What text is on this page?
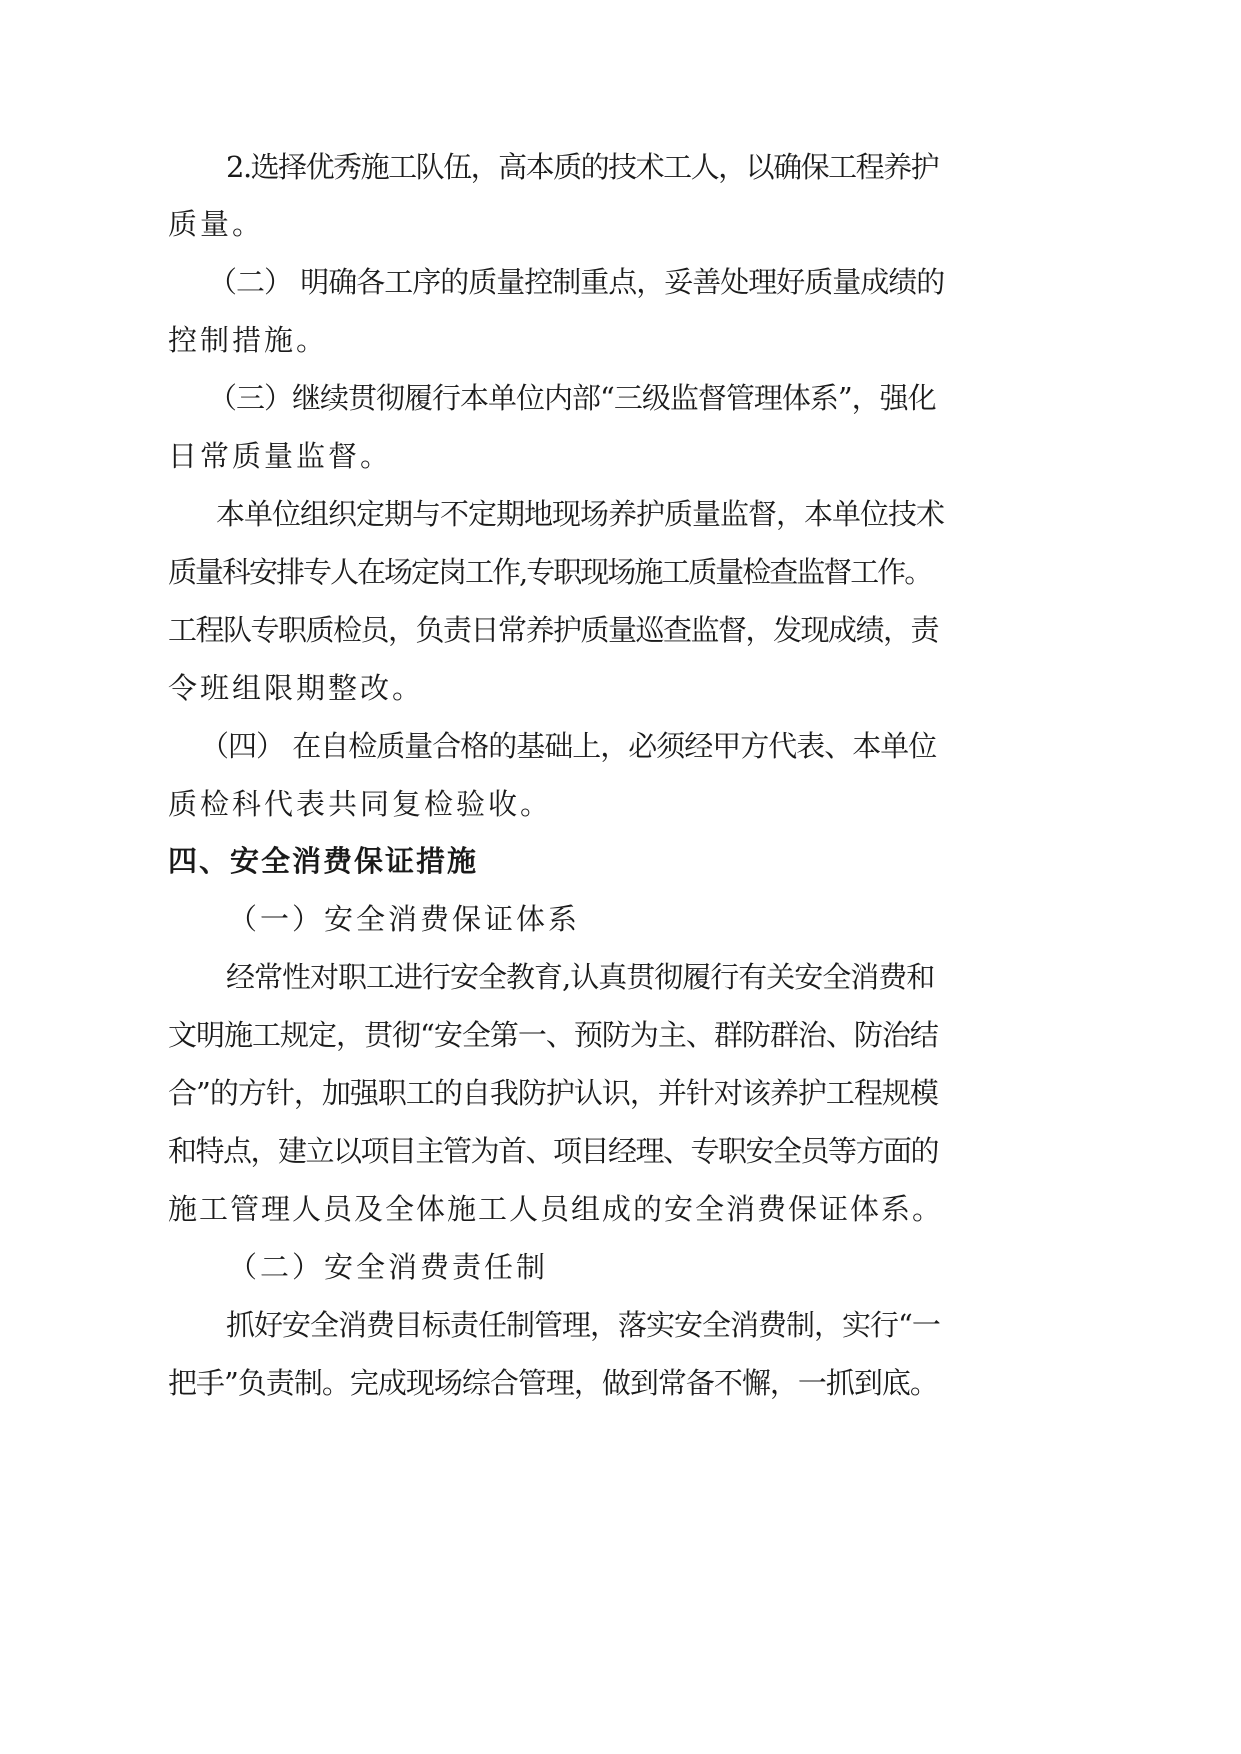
2.选择优秀施工队伍，高本质的技术工人，以确保工程养护
质量。
（二） 明确各工序的质量控制重点，妥善处理好质量成绩的
控制措施。
（三）继续贯彻履行本单位内部“三级监督管理体系”，强化
日常质量监督。
本单位组织定期与不定期地现场养护质量监督，本单位技术
质量科安排专人在场定岗工作,专职现场施工质量检查监督工作。
工程队专职质检员，负责日常养护质量巡查监督，发现成绩，责
令班组限期整改。
（四） 在自检质量合格的基础上，必须经甲方代表、本单位
质检科代表共同复检验收。
四、安全消费保证措施
（一）安全消费保证体系
经常性对职工进行安全教育,认真贯彻履行有关安全消费和
文明施工规定，贯彻“安全第一、预防为主、群防群治、防治结
合”的方针，加强职工的自我防护认识，并针对该养护工程规模
和特点，建立以项目主管为首、项目经理、专职安全员等方面的
施工管理人员及全体施工人员组成的安全消费保证体系。
（二）安全消费责任制
抓好安全消费目标责任制管理，落实安全消费制，实行“一
把手”负责制。完成现场综合管理，做到常备不懈，一抓到底。
